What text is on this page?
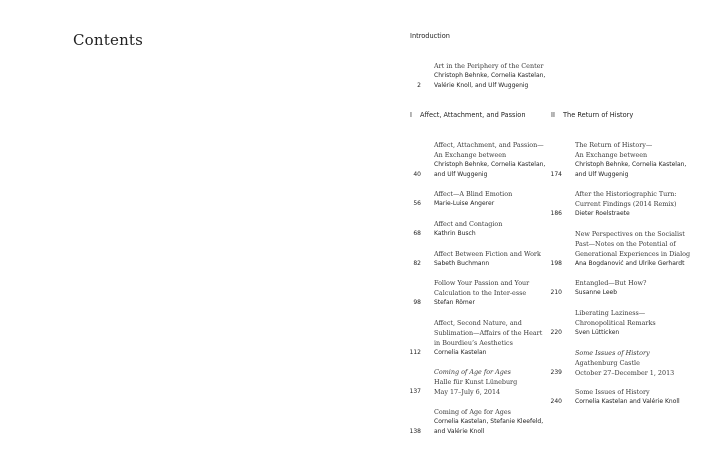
Contents	Introduction
2
Art in the Periphery of the Center
Christoph Behnke, Cornelia Kastelan,
Valérie Knoll, and Ulf Wuggenig
I Affect, Attachment, and Passion	II The Return of History
40
Affect, Attachment, and Passion—
An Exchange between
Christoph Behnke, Cornelia Kastelan,
and Ulf Wuggenig
56
Affect—A Blind Emotion
Marie-Luise Angerer
68
Affect and Contagion
Kathrin Busch
82
Affect Between Fiction and Work
Sabeth Buchmann
98
Follow Your Passion and Your
Calculation to the Inter-esse
Stefan Römer
112
Affect, Second Nature, and
Sublimation—Affairs of the Heart
in Bourdieu’s Aesthetics
Cornelia Kastelan
137
Coming of Age for Ages
Halle für Kunst Lüneburg
May 17–July 6, 2014
138
Coming of Age for Ages
Cornelia Kastelan, Stefanie Kleefeld,
and Valérie Knoll
174
The Return of History—
An Exchange between
Christoph Behnke, Cornelia Kastelan,
and Ulf Wuggenig
186
After the Historiographic Turn:
Current Findings (2014 Remix)
Dieter Roelstraete
198
New Perspectives on the Socialist
Past—Notes on the Potential of
Generational Experiences in Dialog
Ana Bogdanović and Ulrike Gerhardt
210
Entangled—But How?
Susanne Leeb
220
Liberating Laziness—
Chronopolitical Remarks
Sven Lütticken
239
Some Issues of History
Agathenburg Castle
October 27–December 1, 2013
240
Some Issues of History
Cornelia Kastelan and Valérie Knoll
